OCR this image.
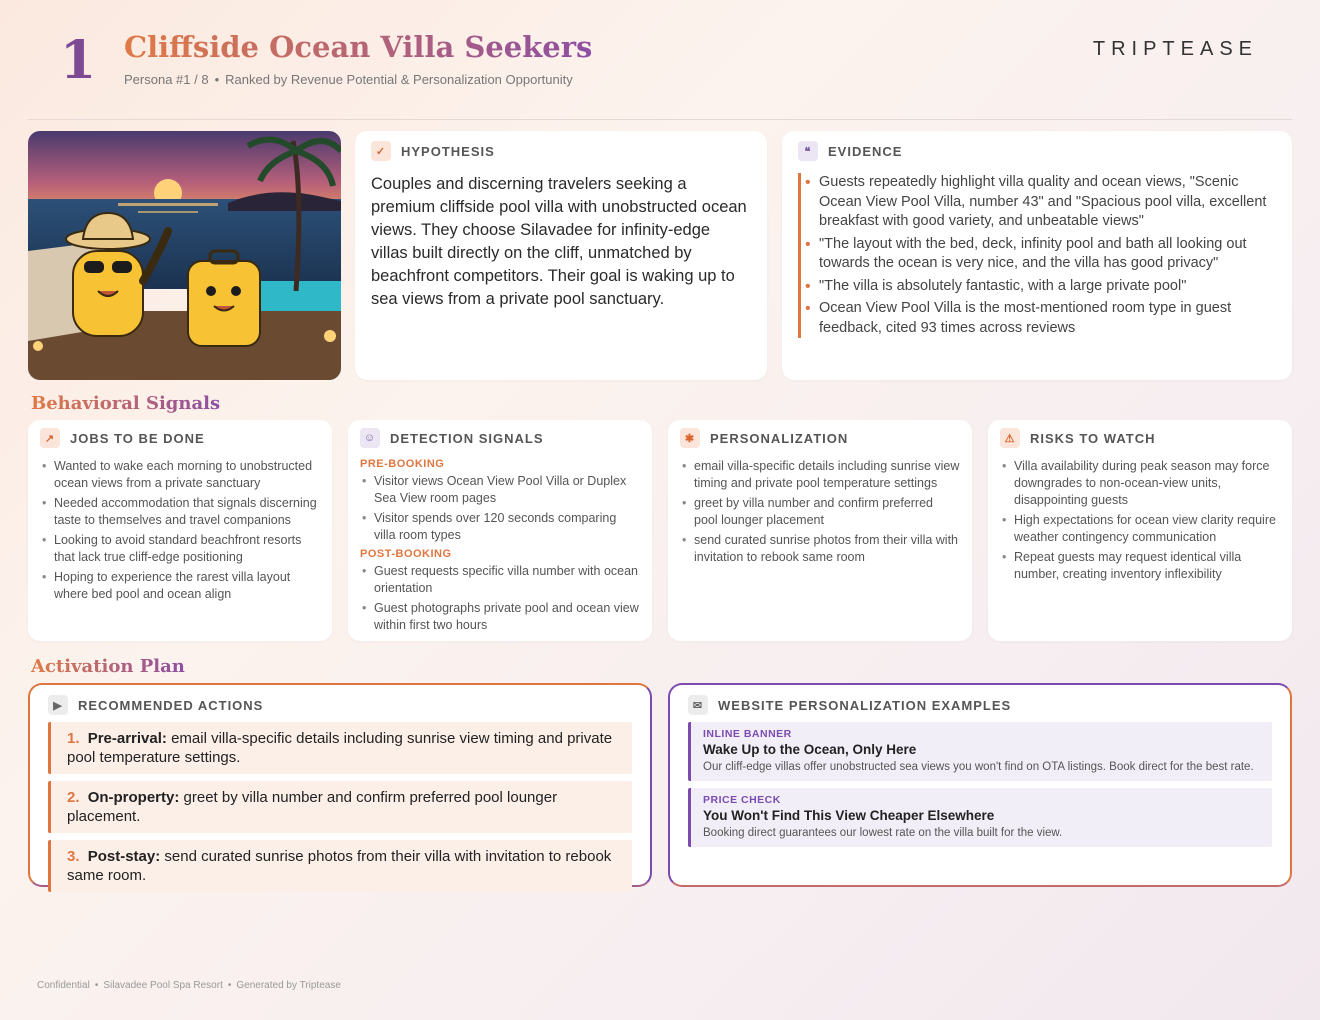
1 Cliffside Ocean Villa Seekers
Persona #1 / 8 • Ranked by Revenue Potential & Personalization Opportunity
TRIPTEASE
✓	HYPOTHESIS
Couples and discerning travelers seeking a premium cliffside pool villa with unobstructed ocean views. They choose Silavadee for infinity-edge villas built directly on the cliff, unmatched by beachfront competitors. Their goal is waking up to sea views from a private pool sanctuary.
❝	EVIDENCE
• Guests repeatedly highlight villa quality and ocean views, "Scenic Ocean View Pool Villa, number 43" and "Spacious pool villa, excellent breakfast with good variety, and unbeatable views"
• "The layout with the bed, deck, infinity pool and bath all looking out towards the ocean is very nice, and the villa has good privacy"
• "The villa is absolutely fantastic, with a large private pool"
• Ocean View Pool Villa is the most-mentioned room type in guest feedback, cited 93 times across reviews
Behavioral Signals
↗	JOBS TO BE DONE
• Wanted to wake each morning to unobstructed ocean views from a private sanctuary
• Needed accommodation that signals discerning taste to themselves and travel companions
• Looking to avoid standard beachfront resorts that lack true cliff-edge positioning
• Hoping to experience the rarest villa layout where bed pool and ocean align
☺ DETECTION SIGNALS
PRE-BOOKING
• Visitor views Ocean View Pool Villa or Duplex Sea View room pages
• Visitor spends over 120 seconds comparing villa room types
POST-BOOKING
• Guest requests specific villa number with ocean orientation
• Guest photographs private pool and ocean view within first two hours
✱	PERSONALIZATION
• email villa-specific details including sunrise view timing and private pool temperature settings
• greet by villa number and confirm preferred pool lounger placement
• send curated sunrise photos from their villa with invitation to rebook same room
⚠	RISKS TO WATCH
• Villa availability during peak season may force downgrades to non-ocean-view units, disappointing guests
• High expectations for ocean view clarity require weather contingency communication
• Repeat guests may request identical villa number, creating inventory inflexibility
Activation Plan
▶	RECOMMENDED ACTIONS
1. Pre-arrival: email villa-specific details including sunrise view timing and private pool temperature settings.
2. On-property: greet by villa number and confirm preferred pool lounger placement.
3. Post-stay: send curated sunrise photos from their villa with invitation to rebook same room.
✉	WEBSITE PERSONALIZATION EXAMPLES
INLINE BANNER
Wake Up to the Ocean, Only Here
Our cliff-edge villas offer unobstructed sea views you won't find on OTA listings. Book direct for the best rate.
PRICE CHECK
You Won't Find This View Cheaper Elsewhere
Booking direct guarantees our lowest rate on the villa built for the view.
Confidential • Silavadee Pool Spa Resort • Generated by Triptease
